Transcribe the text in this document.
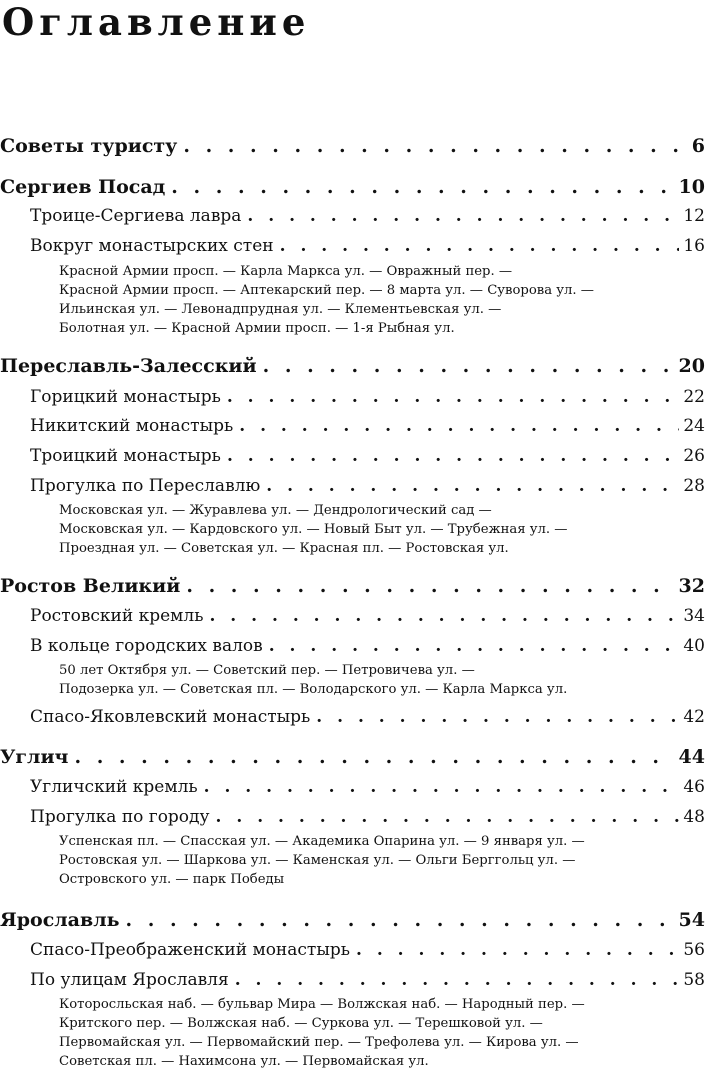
Оглавление
Советы туристу . . .	6
Сергиев Посад . . .	10
Троице-Сергиева лавра . . .	12
Вокруг монастырских стен . . .	16
Красной Армии просп. — Карла Маркса ул. — Овражный пер. —
Красной Армии просп. — Аптекарский пер. — 8 марта ул. — Суворова ул. —
Ильинская ул. — Левонадпрудная ул. — Клементьевская ул. —
Болотная ул. — Красной Армии просп. — 1-я Рыбная ул.
Переславль-Залесский . . .	20
Горицкий монастырь . . .	22
Никитский монастырь . . .	24
Троицкий монастырь . . .	26
Прогулка по Переславлю . . .	28
Московская ул. — Журавлева ул. — Дендрологический сад —
Московская ул. — Кардовского ул. — Новый Быт ул. — Трубежная ул. —
Проездная ул. — Советская ул. — Красная пл. — Ростовская ул.
Ростов Великий . . .	32
Ростовский кремль . . .	34
В кольце городских валов . . .	40
50 лет Октября ул. — Советский пер. — Петровичева ул. —
Подозерка ул. — Советская пл. — Володарского ул. — Карла Маркса ул.
Спасо-Яковлевский монастырь . . .	42
Углич . . .	44
Угличский кремль . . .	46
Прогулка по городу . . .	48
Успенская пл. — Спасская ул. — Академика Опарина ул. — 9 января ул. —
Ростовская ул. — Шаркова ул. — Каменская ул. — Ольги Берггольц ул. —
Островского ул. — парк Победы
Ярославль . . .	54
Спасо-Преображенский монастырь . . .	56
По улицам Ярославля . . .	58
Которосльская наб. — бульвар Мира — Волжская наб. — Народный пер. —
Критского пер. — Волжская наб. — Суркова ул. — Терешковой ул. —
Первомайская ул. — Первомайский пер. — Трефолева ул. — Кирова ул. —
Советская пл. — Нахимсона ул. — Первомайская ул.
